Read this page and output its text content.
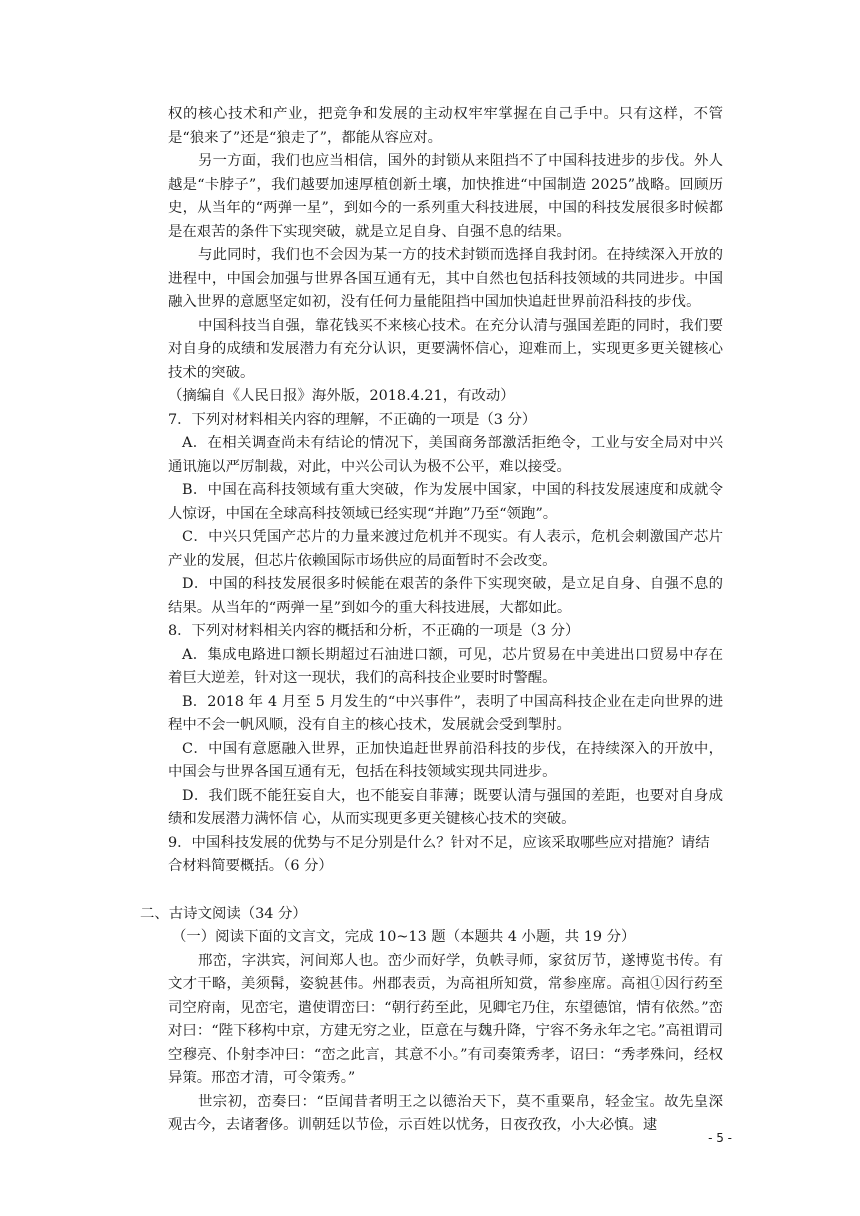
权的核心技术和产业，把竞争和发展的主动权牢牢掌握在自己手中。只有这样，不管是“狼来了”还是“狼走了”，都能从容应对。

另一方面，我们也应当相信，国外的封锁从来阻挡不了中国科技进步的步伐。外人越是“卡脖子”，我们越要加速厚植创新土壤，加快推进“中国制造 2025”战略。回顾历史，从当年的“两弹一星”，到如今的一系列重大科技进展，中国的科技发展很多时候都是在艰苦的条件下实现突破，就是立足自身、自强不息的结果。

与此同时，我们也不会因为某一方的技术封锁而选择自我封闭。在持续深入开放的进程中，中国会加强与世界各国互通有无，其中自然也包括科技领域的共同进步。中国融入世界的意愿坚定如初，没有任何力量能阻挡中国加快追赶世界前沿科技的步伐。

中国科技当自强，靠花钱买不来核心技术。在充分认清与强国差距的同时，我们要对自身的成绩和发展潜力有充分认识，更要满怀信心，迎难而上，实现更多更关键核心技术的突破。

（摘编自《人民日报》海外版，2018.4.21，有改动）

7．下列对材料相关内容的理解，不正确的一项是（3 分）

A．在相关调查尚未有结论的情况下，美国商务部激活拒绝令，工业与安全局对中兴通讯施以严厉制裁，对此，中兴公司认为极不公平，难以接受。

B．中国在高科技领域有重大突破，作为发展中国家，中国的科技发展速度和成就令人惊讶，中国在全球高科技领域已经实现“并跑”乃至“领跑”。

C．中兴只凭国产芯片的力量来渡过危机并不现实。有人表示，危机会刺激国产芯片产业的发展，但芯片依赖国际市场供应的局面暂时不会改变。

D．中国的科技发展很多时候能在艰苦的条件下实现突破，是立足自身、自强不息的结果。从当年的“两弹一星”到如今的重大科技进展，大都如此。

8．下列对材料相关内容的概括和分析，不正确的一项是（3 分）

A．集成电路进口额长期超过石油进口额，可见，芯片贸易在中美进出口贸易中存在着巨大逆差，针对这一现状，我们的高科技企业要时时警醒。

B．2018 年 4 月至 5 月发生的“中兴事件”，表明了中国高科技企业在走向世界的进程中不会一帆风顺，没有自主的核心技术，发展就会受到掣肘。

C．中国有意愿融入世界，正加快追赶世界前沿科技的步伐，在持续深入的开放中，中国会与世界各国互通有无，包括在科技领域实现共同进步。

D．我们既不能狂妄自大，也不能妄自菲薄；既要认清与强国的差距，也要对自身成绩和发展潜力满怀信 心，从而实现更多更关键核心技术的突破。

9．中国科技发展的优势与不足分别是什么？针对不足，应该采取哪些应对措施？请结合材料简要概括。（6 分）

二、古诗文阅读（34 分）

（一）阅读下面的文言文，完成 10~13 题（本题共 4 小题，共 19 分）

邢峦，字洪宾，河间郑人也。峦少而好学，负帙寻师，家贫厉节，遂博览书传。有文才干略，美须髯，姿貌甚伟。州郡表贡，为高祖所知赏，常参座席。高祖①因行药至司空府南，见峦宅，遣使谓峦曰：“朝行药至此，见卿宅乃住，东望德馆，情有依然。”峦对曰：“陛下移构中京，方建无穷之业，臣意在与魏升降，宁容不务永年之宅。”高祖谓司空穆亮、仆射李冲曰：“峦之此言，其意不小。”有司奏策秀孝，诏曰：“秀孝殊问，经权异策。邢峦才清，可令策秀。”

世宗初，峦奏曰：“臣闻昔者明王之以德治天下，莫不重粟帛，轻金宝。故先皇深观古今，去诸奢侈。训朝廷以节俭，示百姓以忧务，日夜孜孜，小大必慎。逮

- 5 -
